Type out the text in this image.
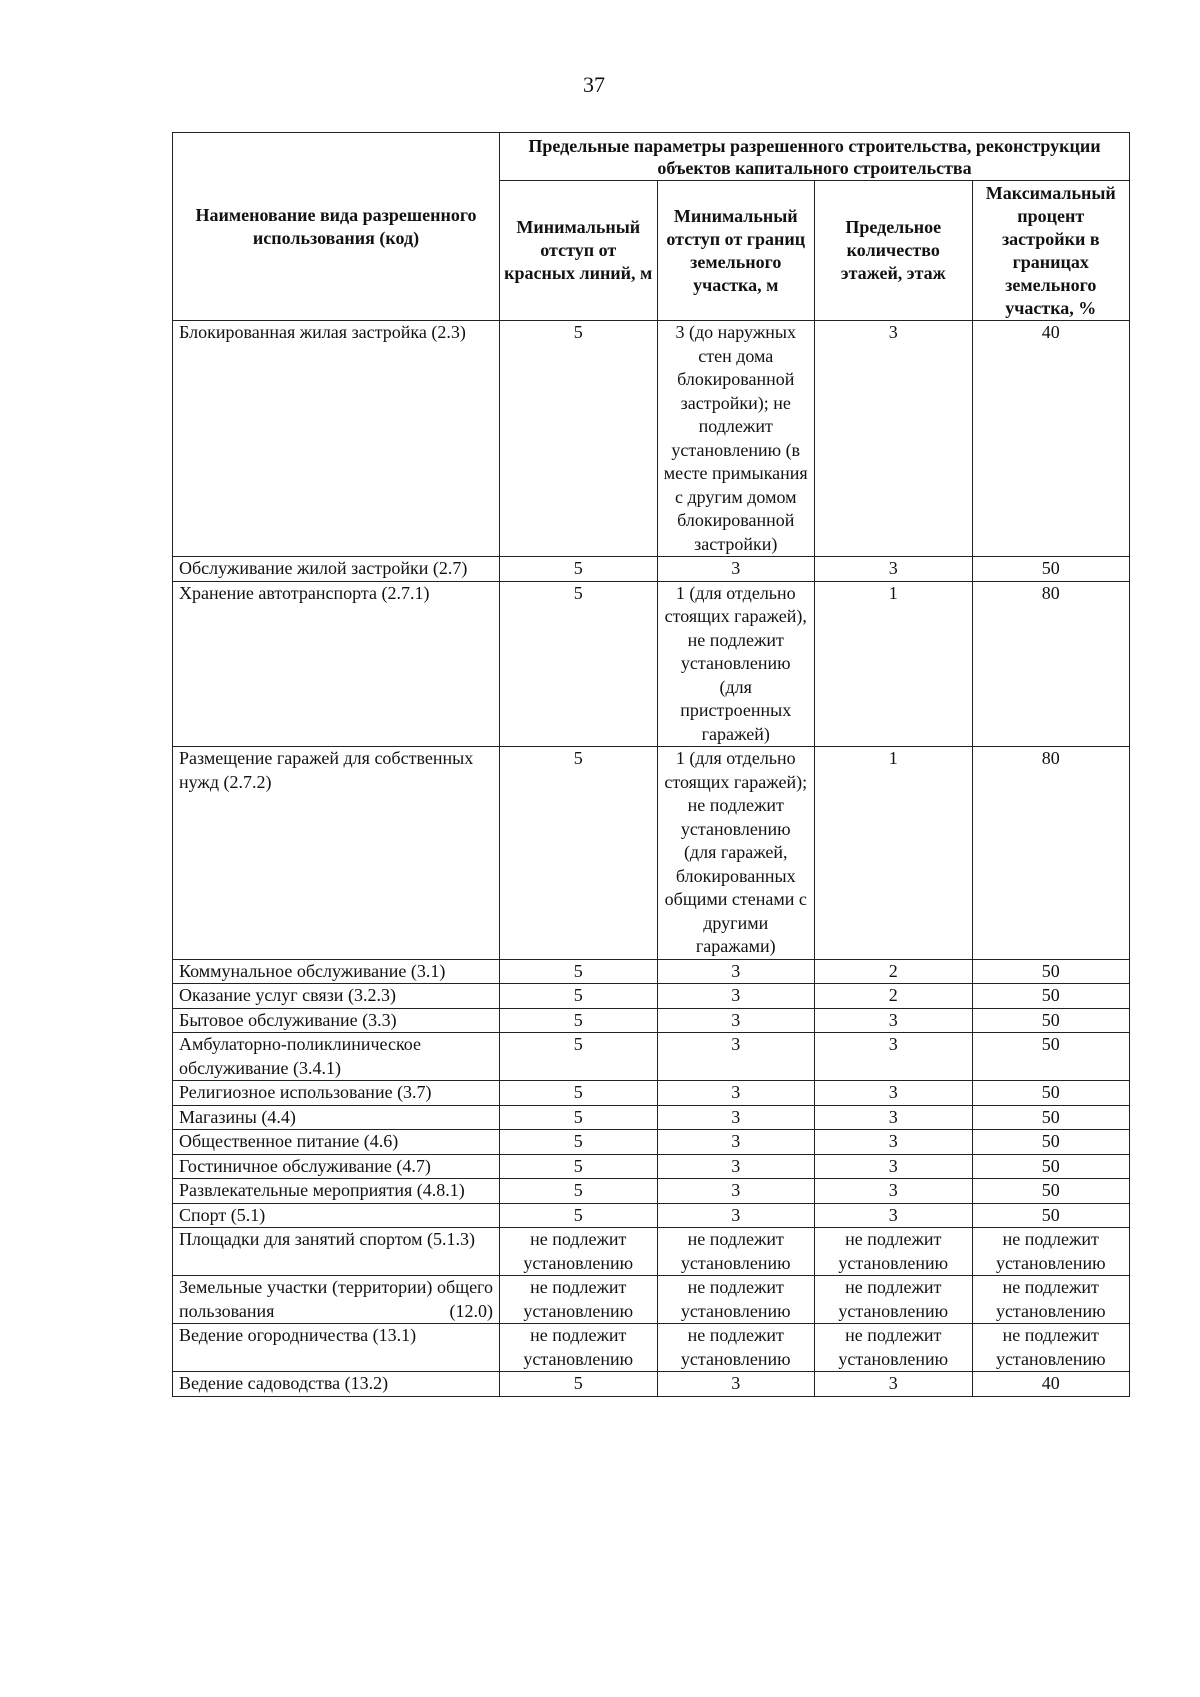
37
Наименование вида разрешенного использования (код)	Предельные параметры разрешенного строительства, реконструкции объектов капитального строительства			
	Минимальный отступ от красных линий, м	Минимальный отступ от границ земельного участка, м	Предельное количество этажей, этаж	Максимальный процент застройки в границах земельного участка, %
Блокированная жилая застройка (2.3)	5	3 (до наружных стен дома блокированной застройки); не подлежит установлению (в месте примыкания с другим домом блокированной застройки)	3	40
Обслуживание жилой застройки (2.7)	5	3	3	50
Хранение автотранспорта (2.7.1)	5	1 (для отдельно стоящих гаражей), не подлежит установлению (для пристроенных гаражей)	1	80
Размещение гаражей для собственных нужд (2.7.2)	5	1 (для отдельно стоящих гаражей); не подлежит установлению (для гаражей, блокированных общими стенами с другими гаражами)	1	80
Коммунальное обслуживание (3.1)	5	3	2	50
Оказание услуг связи (3.2.3)	5	3	2	50
Бытовое обслуживание (3.3)	5	3	3	50
Амбулаторно-поликлиническое обслуживание (3.4.1)	5	3	3	50
Религиозное использование (3.7)	5	3	3	50
Магазины (4.4)	5	3	3	50
Общественное питание (4.6)	5	3	3	50
Гостиничное обслуживание (4.7)	5	3	3	50
Развлекательные мероприятия (4.8.1)	5	3	3	50
Спорт (5.1)	5	3	3	50
Площадки для занятий спортом (5.1.3)	не подлежит установлению	не подлежит установлению	не подлежит установлению	не подлежит установлению
Земельные участки (территории) общего пользования (12.0)	не подлежит установлению	не подлежит установлению	не подлежит установлению	не подлежит установлению
Ведение огородничества (13.1)	не подлежит установлению	не подлежит установлению	не подлежит установлению	не подлежит установлению
Ведение садоводства (13.2)	5	3	3	40
